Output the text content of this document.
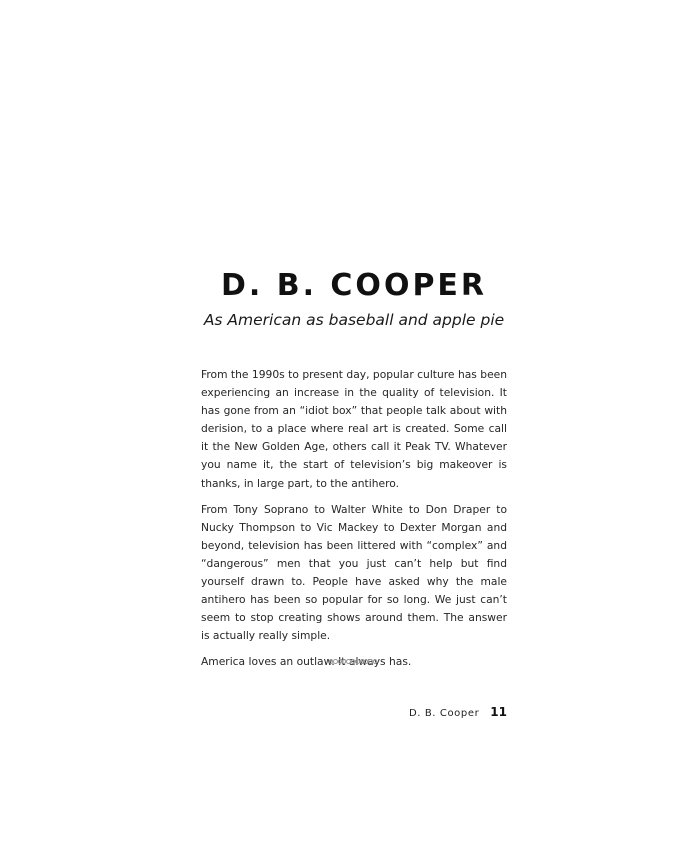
D. B. COOPER

As American as baseball and apple pie

From the 1990s to present day, popular culture has been experiencing an increase in the quality of television. It has gone from an “idiot box” that people talk about with derision, to a place where real art is created. Some call it the New Golden Age, others call it Peak TV. Whatever you name it, the start of television’s big makeover is thanks, in large part, to the antihero.

From Tony Soprano to Walter White to Don Draper to Nucky Thompson to Vic Mackey to Dexter Morgan and beyond, television has been littered with “complex” and “dangerous” men that you just can’t help but find yourself drawn to. People have asked why the male antihero has been so popular for so long. We just can’t seem to stop creating shows around them. The answer is actually really simple.

America loves an outlaw. It always has.

D. B. Cooper 11
